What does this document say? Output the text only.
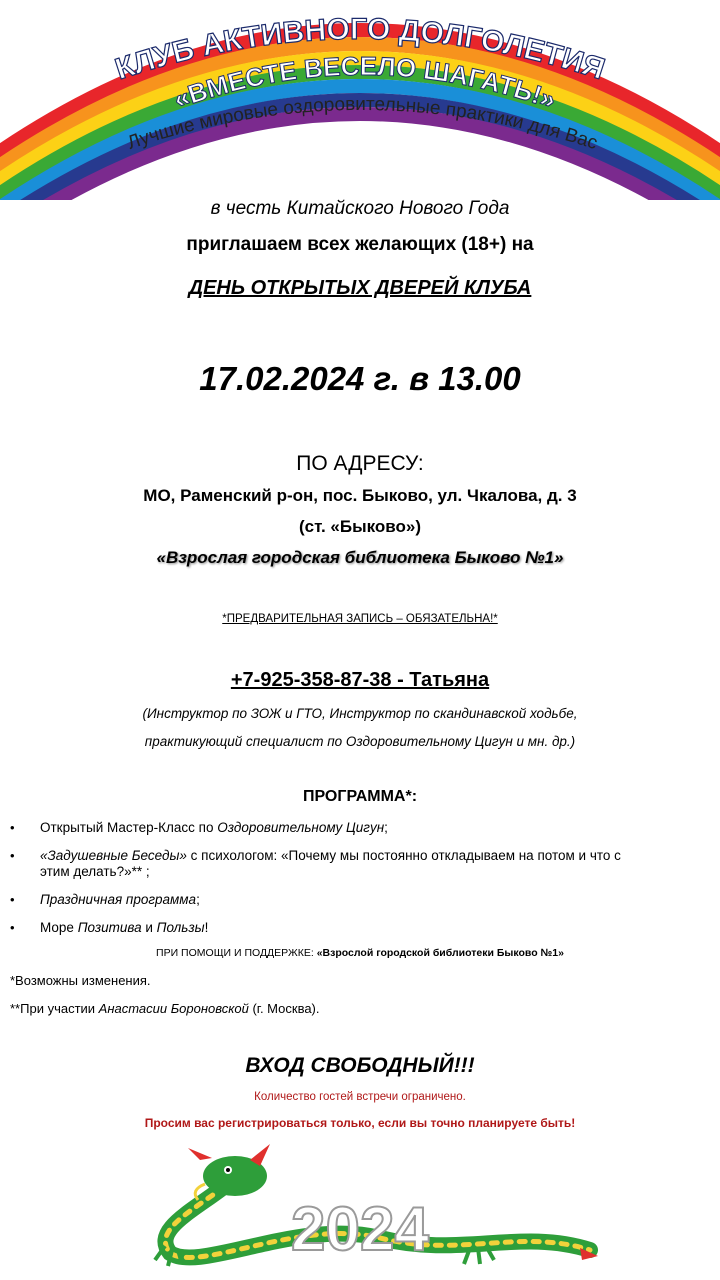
КЛУБ АКТИВНОГО ДОЛГОЛЕТИЯ
«ВМЕСТЕ ВЕСЕЛО ШАГАТЬ!»
Лучшие мировые оздоровительные практики для Вас
в честь Китайского Нового Года
приглашаем всех желающих (18+) на
ДЕНЬ ОТКРЫТЫХ ДВЕРЕЙ КЛУБА
17.02.2024 г. в 13.00
ПО АДРЕСУ:
МО, Раменский р-он, пос. Быково, ул. Чкалова, д. 3
(ст. «Быково»)
«Взрослая городская библиотека Быково №1»
*ПРЕДВАРИТЕЛЬНАЯ ЗАПИСЬ – ОБЯЗАТЕЛЬНА!*
+7-925-358-87-38 - Татьяна
(Инструктор по ЗОЖ и ГТО, Инструктор по скандинавской ходьбе,
практикующий специалист по Оздоровительному Цигун и мн. др.)
ПРОГРАММА*:
• Открытый Мастер-Класс по Оздоровительному Цигун;
• «Задушевные Беседы» с психологом: «Почему мы постоянно откладываем на потом и что с этим делать?»** ;
• Праздничная программа;
• Море Позитива и Пользы!
ПРИ ПОМОЩИ И ПОДДЕРЖКЕ: «Взрослой городской библиотеки Быково №1»
*Возможны изменения.
**При участии Анастасии Бороновской (г. Москва).
ВХОД СВОБОДНЫЙ!!!
Количество гостей встречи ограничено.
Просим вас регистрироваться только, если вы точно планируете быть!
2024
